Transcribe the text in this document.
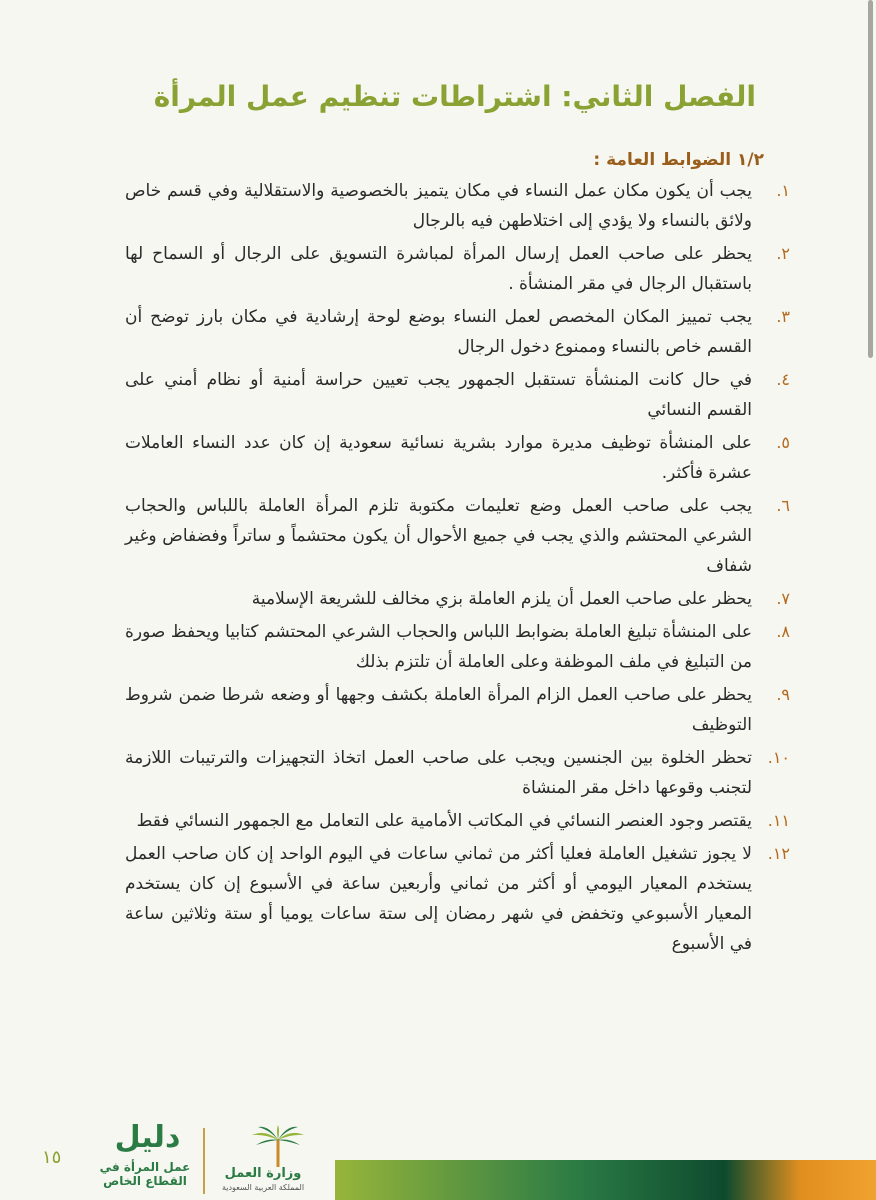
الفصل الثاني: اشتراطات تنظيم عمل المرأة
١/٢ الضوابط العامة :
١.
يجب أن يكون مكان عمل النساء في مكان يتميز بالخصوصية والاستقلالية وفي قسم خاص ولائق بالنساء ولا يؤدي إلى اختلاطهن فيه بالرجال
٢.
يحظر على صاحب العمل إرسال المرأة لمباشرة التسويق على الرجال أو السماح لها باستقبال الرجال في مقر المنشأة .
٣.
يجب تمييز المكان المخصص لعمل النساء بوضع لوحة إرشادية في مكان بارز توضح أن القسم خاص بالنساء وممنوع دخول الرجال
٤.
في حال كانت المنشأة تستقبل الجمهور يجب تعيين حراسة أمنية أو نظام أمني على القسم النسائي
٥.
على المنشأة توظيف مديرة موارد بشرية نسائية سعودية إن كان عدد النساء العاملات عشرة فأكثر.
٦.
يجب على صاحب العمل وضع تعليمات مكتوبة تلزم المرأة العاملة باللباس والحجاب الشرعي المحتشم والذي يجب في جميع الأحوال أن يكون محتشماً و ساتراً وفضفاض وغير شفاف
٧.
يحظر على صاحب العمل أن يلزم العاملة بزي مخالف للشريعة الإسلامية
٨.
على المنشأة تبليغ العاملة بضوابط اللباس والحجاب الشرعي المحتشم كتابيا ويحفظ صورة من التبليغ في ملف الموظفة وعلى العاملة أن تلتزم بذلك
٩.
يحظر على صاحب العمل الزام المرأة العاملة بكشف وجهها أو وضعه شرطا ضمن شروط التوظيف
١٠.
تحظر الخلوة بين الجنسين ويجب على صاحب العمل اتخاذ التجهيزات والترتيبات اللازمة لتجنب وقوعها داخل مقر المنشاة
١١.
يقتصر وجود العنصر النسائي في المكاتب الأمامية على التعامل مع الجمهور النسائي فقط
١٢.
لا يجوز تشغيل العاملة فعليا أكثر من ثماني ساعات في اليوم الواحد إن كان صاحب العمل يستخدم المعيار اليومي أو أكثر من ثماني وأربعين ساعة في الأسبوع إن كان يستخدم المعيار الأسبوعي وتخفض في شهر رمضان إلى ستة ساعات يوميا أو ستة وثلاثين ساعة في الأسبوع
١٥
دليل

عمل المرأة في
القطاع الخاص	وزارة العمل
المملكة العربية السعودية
